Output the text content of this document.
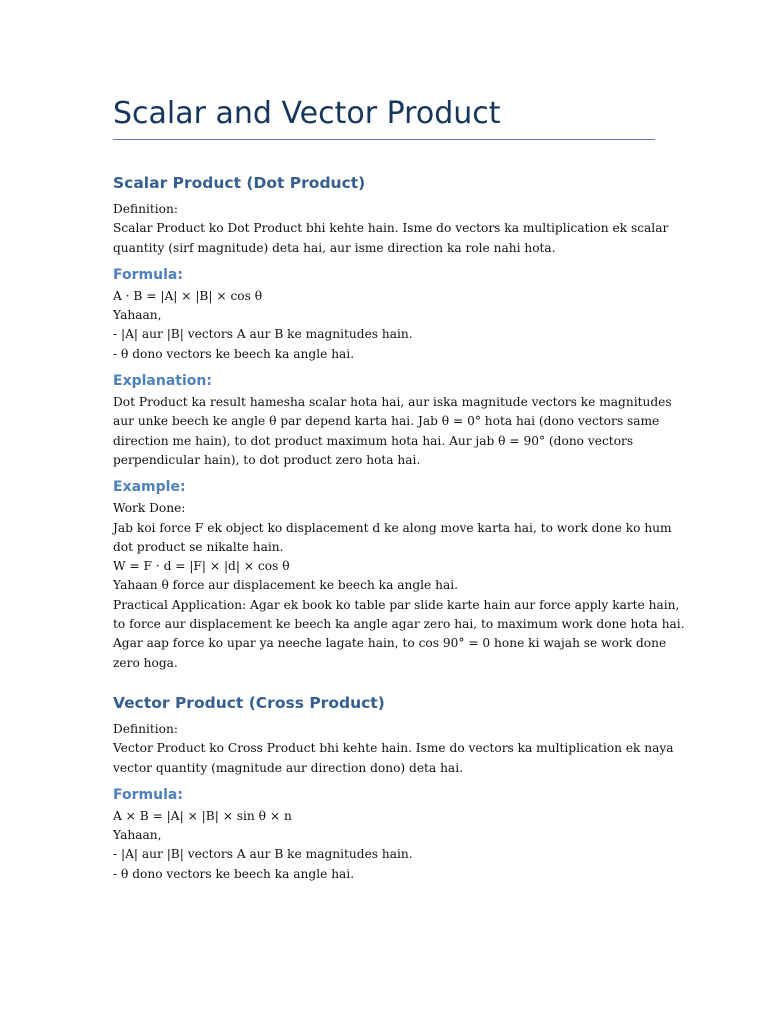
Scalar and Vector Product
Scalar Product (Dot Product)

Definition:

Scalar Product ko Dot Product bhi kehte hain. Isme do vectors ka multiplication ek scalar

quantity (sirf magnitude) deta hai, aur isme direction ka role nahi hota.

Formula:

A · B = |A| × |B| × cos θ

Yahaan,

- |A| aur |B| vectors A aur B ke magnitudes hain.

- θ dono vectors ke beech ka angle hai.

Explanation:

Dot Product ka result hamesha scalar hota hai, aur iska magnitude vectors ke magnitudes

aur unke beech ke angle θ par depend karta hai. Jab θ = 0° hota hai (dono vectors same

direction me hain), to dot product maximum hota hai. Aur jab θ = 90° (dono vectors

perpendicular hain), to dot product zero hota hai.

Example:

Work Done:

Jab koi force F ek object ko displacement d ke along move karta hai, to work done ko hum

dot product se nikalte hain.

W = F · d = |F| × |d| × cos θ

Yahaan θ force aur displacement ke beech ka angle hai.

Practical Application: Agar ek book ko table par slide karte hain aur force apply karte hain,

to force aur displacement ke beech ka angle agar zero hai, to maximum work done hota hai.

Agar aap force ko upar ya neeche lagate hain, to cos 90° = 0 hone ki wajah se work done

zero hoga.

Vector Product (Cross Product)

Definition:

Vector Product ko Cross Product bhi kehte hain. Isme do vectors ka multiplication ek naya

vector quantity (magnitude aur direction dono) deta hai.

Formula:

A × B = |A| × |B| × sin θ × n

Yahaan,

- |A| aur |B| vectors A aur B ke magnitudes hain.

- θ dono vectors ke beech ka angle hai.
